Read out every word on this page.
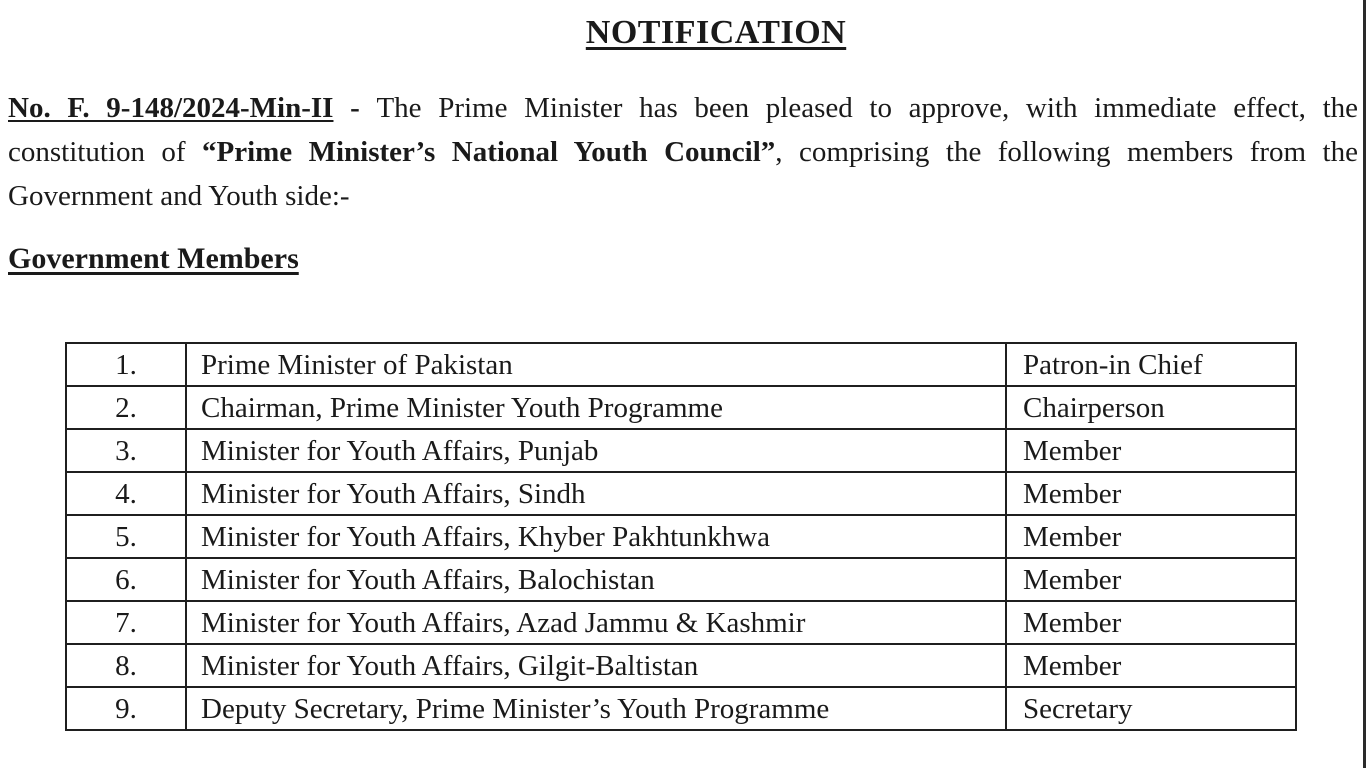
NOTIFICATION

No. F. 9-148/2024-Min-II - The Prime Minister has been pleased to approve, with immediate effect, the constitution of “Prime Minister’s National Youth Council”, comprising the following members from the Government and Youth side:-

Government Members
1.	Prime Minister of Pakistan	Patron-in Chief
2.	Chairman, Prime Minister Youth Programme	Chairperson
3.	Minister for Youth Affairs, Punjab	Member
4.	Minister for Youth Affairs, Sindh	Member
5.	Minister for Youth Affairs, Khyber Pakhtunkhwa	Member
6.	Minister for Youth Affairs, Balochistan	Member
7.	Minister for Youth Affairs, Azad Jammu & Kashmir	Member
8.	Minister for Youth Affairs, Gilgit-Baltistan	Member
9.	Deputy Secretary, Prime Minister’s Youth Programme	Secretary
